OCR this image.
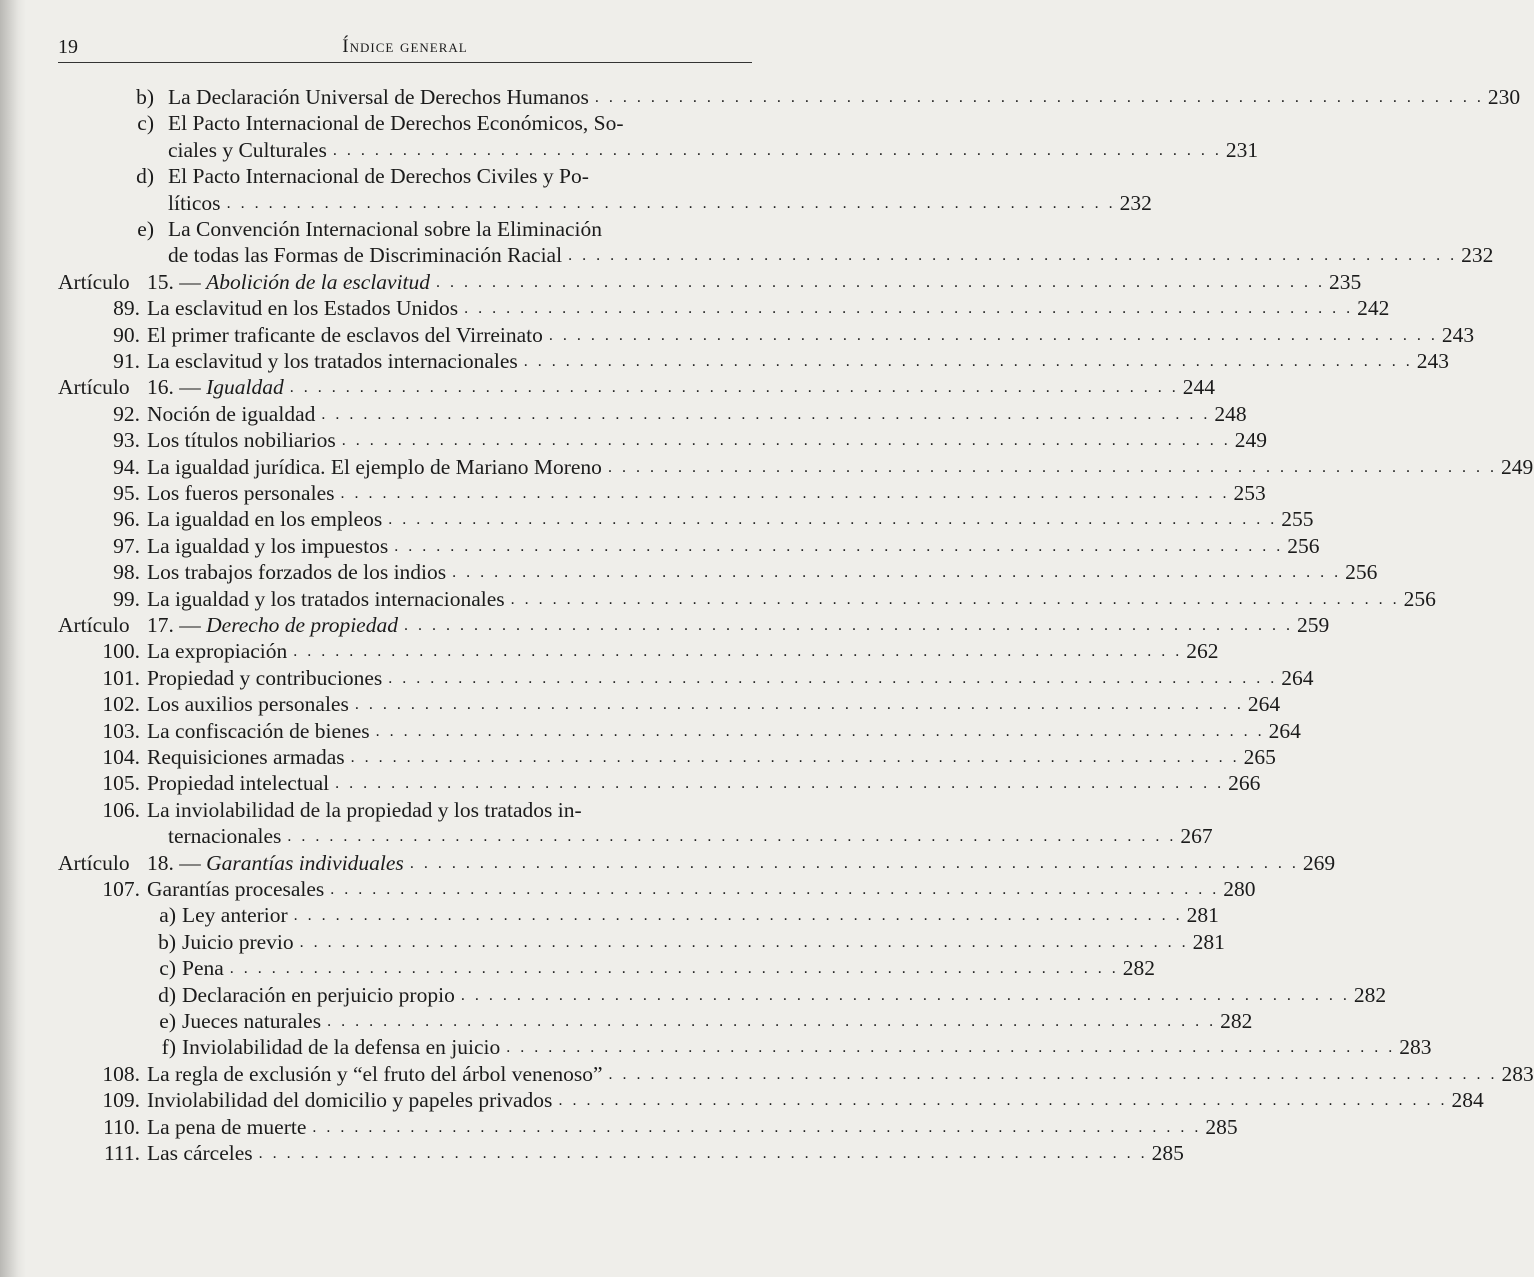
19	Índice general
b) La Declaración Universal de Derechos Humanos . . . . . . . . . . . . . . . . . . . . . . . . . . . . . . . . . . . . . . . . . . . . . . . . . . . . . . . . . . . . . . . . 230
c) El Pacto Internacional de Derechos Económicos, So-
ciales y Culturales . . . . . . . . . . . . . . . . . . . . . . . . . . . . . . . . . . . . . . . . . . . . . . . . . . . . . . . . . . . . . . . . 231
d) El Pacto Internacional de Derechos Civiles y Po-
líticos . . . . . . . . . . . . . . . . . . . . . . . . . . . . . . . . . . . . . . . . . . . . . . . . . . . . . . . . . . . . . . . . 232
e) La Convención Internacional sobre la Eliminación
de todas las Formas de Discriminación Racial . . . . . . . . . . . . . . . . . . . . . . . . . . . . . . . . . . . . . . . . . . . . . . . . . . . . . . . . . . . . . . . . 232
Artículo 15. — Abolición de la esclavitud . . . . . . . . . . . . . . . . . . . . . . . . . . . . . . . . . . . . . . . . . . . . . . . . . . . . . . . . . . . . . . . . 235
89. La esclavitud en los Estados Unidos . . . . . . . . . . . . . . . . . . . . . . . . . . . . . . . . . . . . . . . . . . . . . . . . . . . . . . . . . . . . . . . . 242
90. El primer traficante de esclavos del Virreinato . . . . . . . . . . . . . . . . . . . . . . . . . . . . . . . . . . . . . . . . . . . . . . . . . . . . . . . . . . . . . . . . 243
91. La esclavitud y los tratados internacionales . . . . . . . . . . . . . . . . . . . . . . . . . . . . . . . . . . . . . . . . . . . . . . . . . . . . . . . . . . . . . . . . 243
Artículo 16. — Igualdad . . . . . . . . . . . . . . . . . . . . . . . . . . . . . . . . . . . . . . . . . . . . . . . . . . . . . . . . . . . . . . . . 244
92. Noción de igualdad . . . . . . . . . . . . . . . . . . . . . . . . . . . . . . . . . . . . . . . . . . . . . . . . . . . . . . . . . . . . . . . . 248
93. Los títulos nobiliarios . . . . . . . . . . . . . . . . . . . . . . . . . . . . . . . . . . . . . . . . . . . . . . . . . . . . . . . . . . . . . . . . 249
94. La igualdad jurídica. El ejemplo de Mariano Moreno . . . . . . . . . . . . . . . . . . . . . . . . . . . . . . . . . . . . . . . . . . . . . . . . . . . . . . . . . . . . . . . . 249
95. Los fueros personales . . . . . . . . . . . . . . . . . . . . . . . . . . . . . . . . . . . . . . . . . . . . . . . . . . . . . . . . . . . . . . . . 253
96. La igualdad en los empleos . . . . . . . . . . . . . . . . . . . . . . . . . . . . . . . . . . . . . . . . . . . . . . . . . . . . . . . . . . . . . . . . 255
97. La igualdad y los impuestos . . . . . . . . . . . . . . . . . . . . . . . . . . . . . . . . . . . . . . . . . . . . . . . . . . . . . . . . . . . . . . . . 256
98. Los trabajos forzados de los indios . . . . . . . . . . . . . . . . . . . . . . . . . . . . . . . . . . . . . . . . . . . . . . . . . . . . . . . . . . . . . . . . 256
99. La igualdad y los tratados internacionales . . . . . . . . . . . . . . . . . . . . . . . . . . . . . . . . . . . . . . . . . . . . . . . . . . . . . . . . . . . . . . . . 256
Artículo 17. — Derecho de propiedad . . . . . . . . . . . . . . . . . . . . . . . . . . . . . . . . . . . . . . . . . . . . . . . . . . . . . . . . . . . . . . . . 259
100. La expropiación . . . . . . . . . . . . . . . . . . . . . . . . . . . . . . . . . . . . . . . . . . . . . . . . . . . . . . . . . . . . . . . . 262
101. Propiedad y contribuciones . . . . . . . . . . . . . . . . . . . . . . . . . . . . . . . . . . . . . . . . . . . . . . . . . . . . . . . . . . . . . . . . 264
102. Los auxilios personales . . . . . . . . . . . . . . . . . . . . . . . . . . . . . . . . . . . . . . . . . . . . . . . . . . . . . . . . . . . . . . . . 264
103. La confiscación de bienes . . . . . . . . . . . . . . . . . . . . . . . . . . . . . . . . . . . . . . . . . . . . . . . . . . . . . . . . . . . . . . . . 264
104. Requisiciones armadas . . . . . . . . . . . . . . . . . . . . . . . . . . . . . . . . . . . . . . . . . . . . . . . . . . . . . . . . . . . . . . . . 265
105. Propiedad intelectual . . . . . . . . . . . . . . . . . . . . . . . . . . . . . . . . . . . . . . . . . . . . . . . . . . . . . . . . . . . . . . . . 266
106. La inviolabilidad de la propiedad y los tratados in-
ternacionales . . . . . . . . . . . . . . . . . . . . . . . . . . . . . . . . . . . . . . . . . . . . . . . . . . . . . . . . . . . . . . . . 267
Artículo 18. — Garantías individuales . . . . . . . . . . . . . . . . . . . . . . . . . . . . . . . . . . . . . . . . . . . . . . . . . . . . . . . . . . . . . . . . 269
107. Garantías procesales . . . . . . . . . . . . . . . . . . . . . . . . . . . . . . . . . . . . . . . . . . . . . . . . . . . . . . . . . . . . . . . . 280
a) Ley anterior . . . . . . . . . . . . . . . . . . . . . . . . . . . . . . . . . . . . . . . . . . . . . . . . . . . . . . . . . . . . . . . . 281
b) Juicio previo . . . . . . . . . . . . . . . . . . . . . . . . . . . . . . . . . . . . . . . . . . . . . . . . . . . . . . . . . . . . . . . . 281
c) Pena . . . . . . . . . . . . . . . . . . . . . . . . . . . . . . . . . . . . . . . . . . . . . . . . . . . . . . . . . . . . . . . . 282
d) Declaración en perjuicio propio . . . . . . . . . . . . . . . . . . . . . . . . . . . . . . . . . . . . . . . . . . . . . . . . . . . . . . . . . . . . . . . . 282
e) Jueces naturales . . . . . . . . . . . . . . . . . . . . . . . . . . . . . . . . . . . . . . . . . . . . . . . . . . . . . . . . . . . . . . . . 282
f) Inviolabilidad de la defensa en juicio . . . . . . . . . . . . . . . . . . . . . . . . . . . . . . . . . . . . . . . . . . . . . . . . . . . . . . . . . . . . . . . . 283
108. La regla de exclusión y “el fruto del árbol venenoso” . . . . . . . . . . . . . . . . . . . . . . . . . . . . . . . . . . . . . . . . . . . . . . . . . . . . . . . . . . . . . . . . 283
109. Inviolabilidad del domicilio y papeles privados . . . . . . . . . . . . . . . . . . . . . . . . . . . . . . . . . . . . . . . . . . . . . . . . . . . . . . . . . . . . . . . . 284
110. La pena de muerte . . . . . . . . . . . . . . . . . . . . . . . . . . . . . . . . . . . . . . . . . . . . . . . . . . . . . . . . . . . . . . . . 285
111. Las cárceles . . . . . . . . . . . . . . . . . . . . . . . . . . . . . . . . . . . . . . . . . . . . . . . . . . . . . . . . . . . . . . . . 285
